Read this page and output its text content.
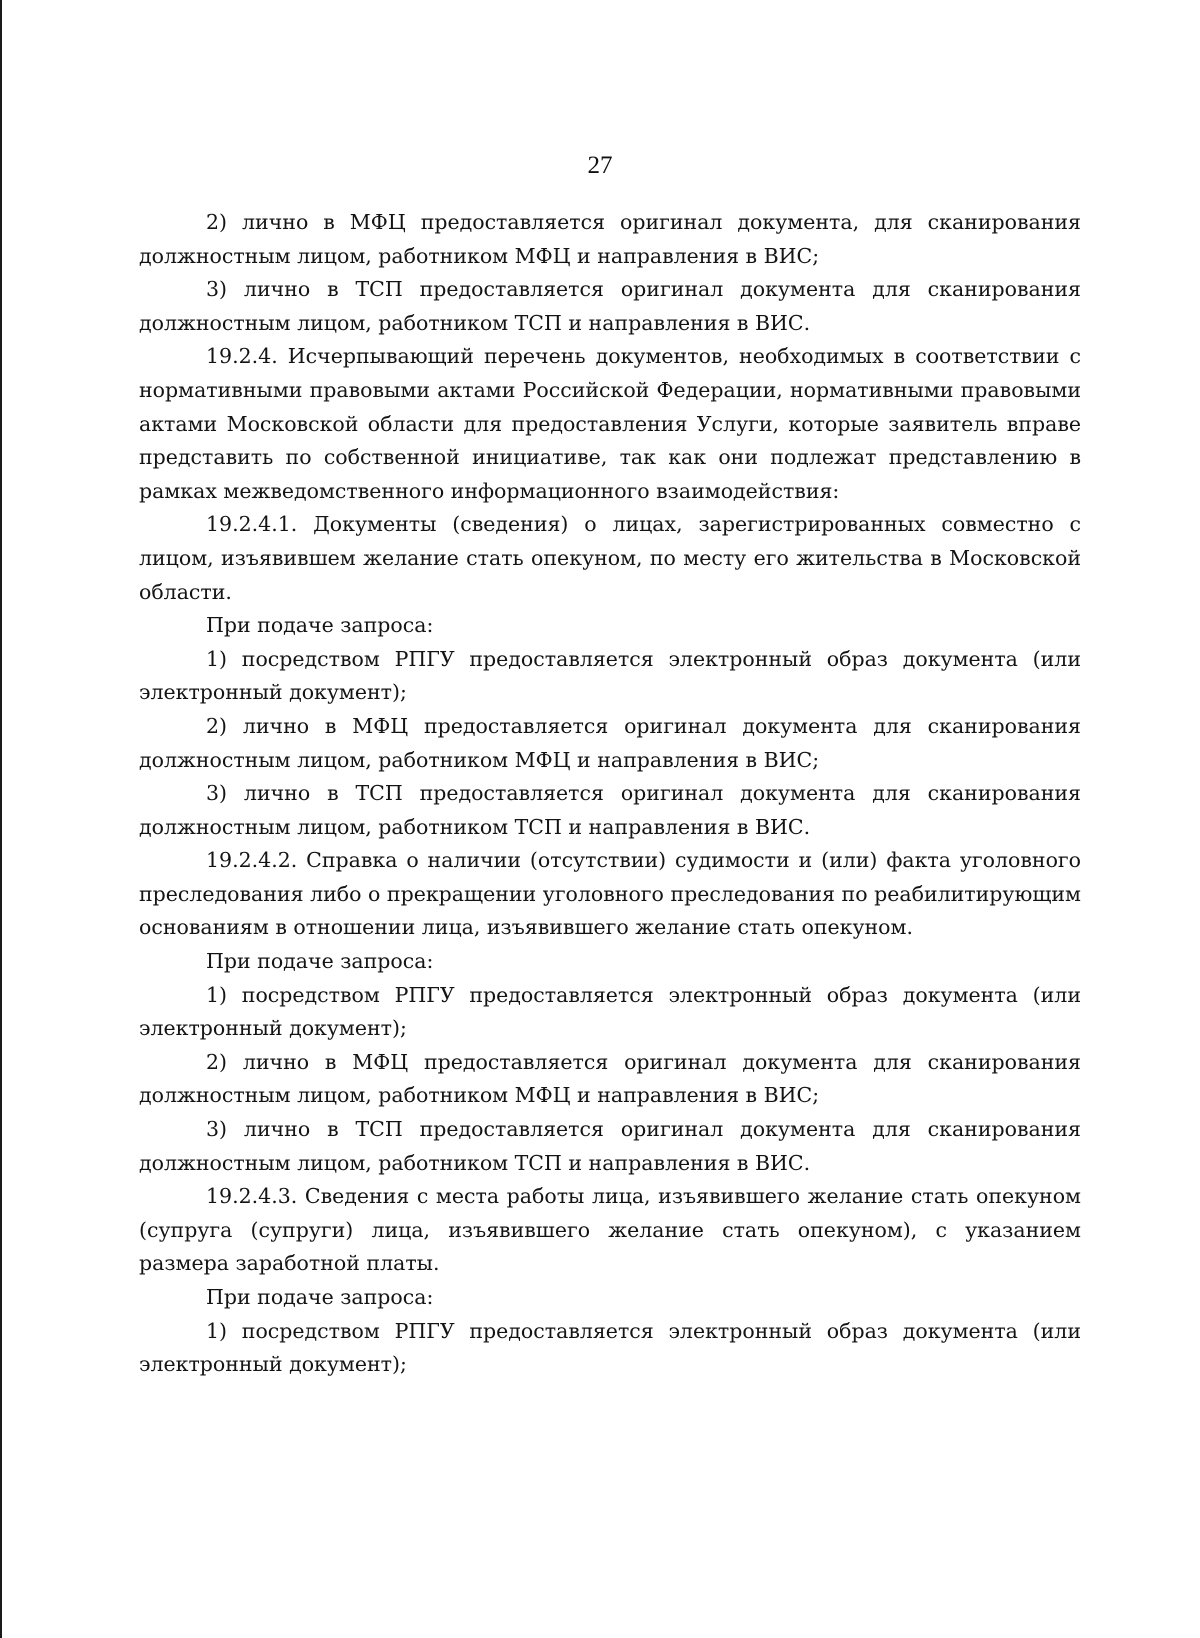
27

2) лично в МФЦ предоставляется оригинал документа, для сканирования должностным лицом, работником МФЦ и направления в ВИС;

3) лично в ТСП предоставляется оригинал документа для сканирования должностным лицом, работником ТСП и направления в ВИС.

19.2.4. Исчерпывающий перечень документов, необходимых в соответствии с нормативными правовыми актами Российской Федерации, нормативными правовыми актами Московской области для предоставления Услуги, которые заявитель вправе представить по собственной инициативе, так как они подлежат представлению в рамках межведомственного информационного взаимодействия:

19.2.4.1. Документы (сведения) о лицах, зарегистрированных совместно с лицом, изъявившем желание стать опекуном, по месту его жительства в Московской области.

При подаче запроса:

1) посредством РПГУ предоставляется электронный образ документа (или электронный документ);

2) лично в МФЦ предоставляется оригинал документа для сканирования должностным лицом, работником МФЦ и направления в ВИС;

3) лично в ТСП предоставляется оригинал документа для сканирования должностным лицом, работником ТСП и направления в ВИС.

19.2.4.2. Справка о наличии (отсутствии) судимости и (или) факта уголовного преследования либо о прекращении уголовного преследования по реабилитирующим основаниям в отношении лица, изъявившего желание стать опекуном.

При подаче запроса:

1) посредством РПГУ предоставляется электронный образ документа (или электронный документ);

2) лично в МФЦ предоставляется оригинал документа для сканирования должностным лицом, работником МФЦ и направления в ВИС;

3) лично в ТСП предоставляется оригинал документа для сканирования должностным лицом, работником ТСП и направления в ВИС.

19.2.4.3. Сведения с места работы лица, изъявившего желание стать опекуном (супруга (супруги) лица, изъявившего желание стать опекуном), с указанием размера заработной платы.

При подаче запроса:

1) посредством РПГУ предоставляется электронный образ документа (или электронный документ);
